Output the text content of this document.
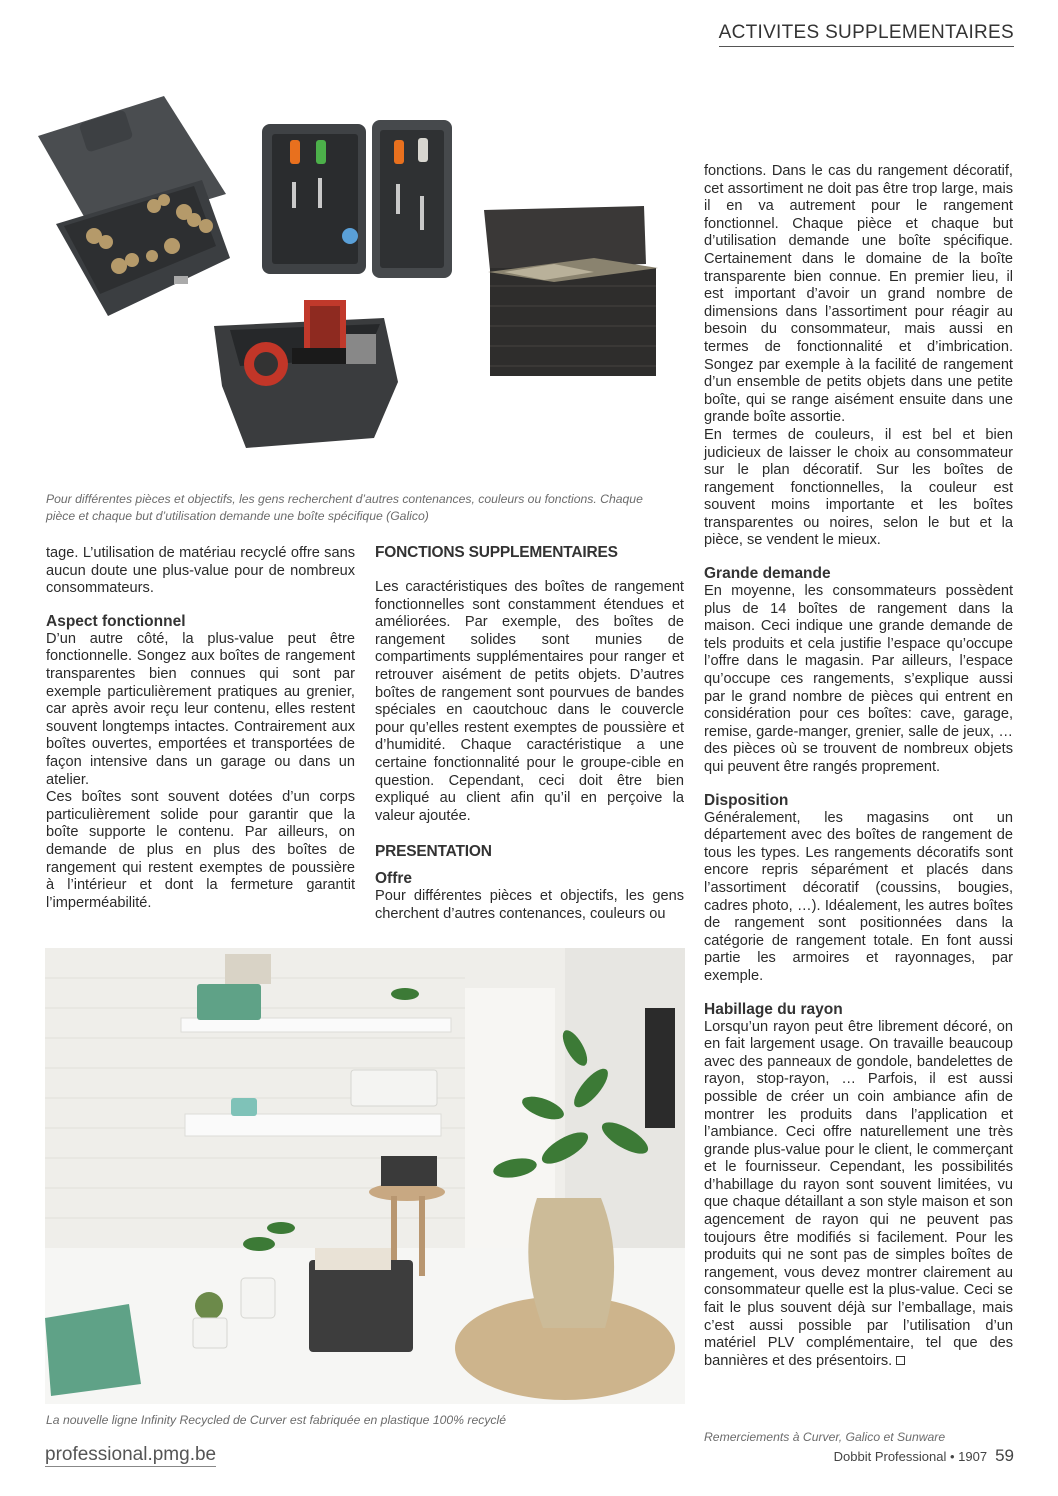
ACTIVITES SUPPLEMENTAIRES
Pour différentes pièces et objectifs, les gens recherchent d’autres contenances, couleurs ou fonctions. Chaque pièce et chaque but d’utilisation demande une boîte spécifique (Galico)

tage. L’utilisation de matériau recyclé offre sans aucun doute une plus-value pour de nombreux consommateurs.

Aspect fonctionnel

D’un autre côté, la plus-value peut être fonctionnelle. Songez aux boîtes de rangement transparentes bien connues qui sont par exemple particulièrement pratiques au grenier, car après avoir reçu leur contenu, elles restent souvent longtemps intactes. Contrairement aux boîtes ouvertes, emportées et transportées de façon intensive dans un garage ou dans un atelier.

Ces boîtes sont souvent dotées d’un corps particulièrement solide pour garantir que la boîte supporte le contenu. Par ailleurs, on demande de plus en plus des boîtes de rangement qui restent exemptes de poussière à l’intérieur et dont la fermeture garantit l’imperméabilité.

FONCTIONS SUPPLEMENTAIRES

Les caractéristiques des boîtes de rangement fonctionnelles sont constamment étendues et améliorées. Par exemple, des boîtes de rangement solides sont munies de compartiments supplémentaires pour ranger et retrouver aisément de petits objets. D’autres boîtes de rangement sont pourvues de bandes spéciales en caoutchouc dans le couvercle pour qu’elles restent exemptes de poussière et d’humidité. Chaque caractéristique a une certaine fonctionnalité pour le groupe-cible en question. Cependant, ceci doit être bien expliqué au client afin qu’il en perçoive la valeur ajoutée.

PRESENTATION
Offre

Pour différentes pièces et objectifs, les gens cherchent d’autres contenances, couleurs ou

fonctions. Dans le cas du rangement décoratif, cet assortiment ne doit pas être trop large, mais il en va autrement pour le rangement fonctionnel. Chaque pièce et chaque but d’utilisation demande une boîte spécifique. Certainement dans le domaine de la boîte transparente bien connue. En premier lieu, il est important d’avoir un grand nombre de dimensions dans l’assortiment pour réagir au besoin du consommateur, mais aussi en termes de fonctionnalité et d’imbrication. Songez par exemple à la facilité de rangement d’un ensemble de petits objets dans une petite boîte, qui se range aisément ensuite dans une grande boîte assortie.

En termes de couleurs, il est bel et bien judicieux de laisser le choix au consommateur sur le plan décoratif. Sur les boîtes de rangement fonctionnelles, la couleur est souvent moins importante et les boîtes transparentes ou noires, selon le but et la pièce, se vendent le mieux.

Grande demande

En moyenne, les consommateurs possèdent plus de 14 boîtes de rangement dans la maison. Ceci indique une grande demande de tels produits et cela justifie l’espace qu’occupe l’offre dans le magasin. Par ailleurs, l’espace qu’occupe ces rangements, s’explique aussi par le grand nombre de pièces qui entrent en considération pour ces boîtes: cave, garage, remise, garde-manger, grenier, salle de jeux, … des pièces où se trouvent de nombreux objets qui peuvent être rangés proprement.

Disposition

Généralement, les magasins ont un département avec des boîtes de rangement de tous les types. Les rangements décoratifs sont encore repris séparément et placés dans l’assortiment décoratif (coussins, bougies, cadres photo, …). Idéalement, les autres boîtes de rangement sont positionnées dans la catégorie de rangement totale. En font aussi partie les armoires et rayonnages, par exemple.

Habillage du rayon

Lorsqu’un rayon peut être librement décoré, on en fait largement usage. On travaille beaucoup avec des panneaux de gondole, bandelettes de rayon, stop-rayon, … Parfois, il est aussi possible de créer un coin ambiance afin de montrer les produits dans l’application et l’ambiance. Ceci offre naturellement une très grande plus-value pour le client, le commerçant et le fournisseur. Cependant, les possibilités d’habillage du rayon sont souvent limitées, vu que chaque détaillant a son style maison et son agencement de rayon qui ne peuvent pas toujours être modifiés si facilement. Pour les produits qui ne sont pas de simples boîtes de rangement, vous devez montrer clairement au consommateur quelle est la plus-value. Ceci se fait le plus souvent déjà sur l’emballage, mais c’est aussi possible par l’utilisation d’un matériel PLV complémentaire, tel que des bannières et des présentoirs.

La nouvelle ligne Infinity Recycled de Curver est fabriquée en plastique 100% recyclé
Remerciements à Curver, Galico et Sunware
professional.pmg.be	Dobbit Professional • 1907 59
